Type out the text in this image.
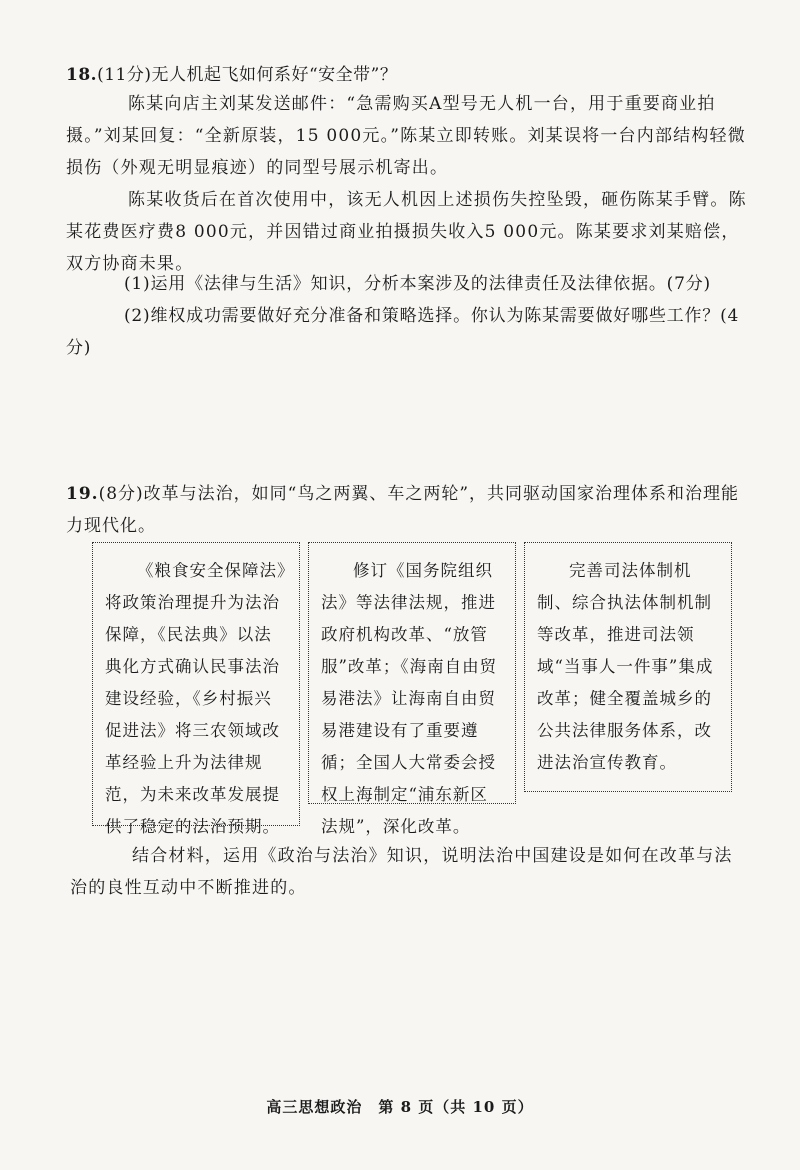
18.(11分)无人机起飞如何系好“安全带”？
陈某向店主刘某发送邮件：“急需购买A型号无人机一台，用于重要商业拍摄。”刘某回复：“全新原装，15 000元。”陈某立即转账。刘某误将一台内部结构轻微损伤（外观无明显痕迹）的同型号展示机寄出。
陈某收货后在首次使用中，该无人机因上述损伤失控坠毁，砸伤陈某手臂。陈某花费医疗费8 000元，并因错过商业拍摄损失收入5 000元。陈某要求刘某赔偿，双方协商未果。
(1)运用《法律与生活》知识，分析本案涉及的法律责任及法律依据。(7分)
(2)维权成功需要做好充分准备和策略选择。你认为陈某需要做好哪些工作？(4分)
19.(8分)改革与法治，如同“鸟之两翼、车之两轮”，共同驱动国家治理体系和治理能力现代化。
《粮食安全保障法》将政策治理提升为法治保障，《民法典》以法典化方式确认民事法治建设经验，《乡村振兴促进法》将三农领域改革经验上升为法律规范，为未来改革发展提供了稳定的法治预期。
修订《国务院组织法》等法律法规，推进政府机构改革、“放管服”改革；《海南自由贸易港法》让海南自由贸易港建设有了重要遵循；全国人大常委会授权上海制定“浦东新区法规”，深化改革。
完善司法体制机制、综合执法体制机制等改革，推进司法领域“当事人一件事”集成改革；健全覆盖城乡的公共法律服务体系，改进法治宣传教育。
结合材料，运用《政治与法治》知识，说明法治中国建设是如何在改革与法治的良性互动中不断推进的。
高三思想政治　第 8 页（共 10 页）
